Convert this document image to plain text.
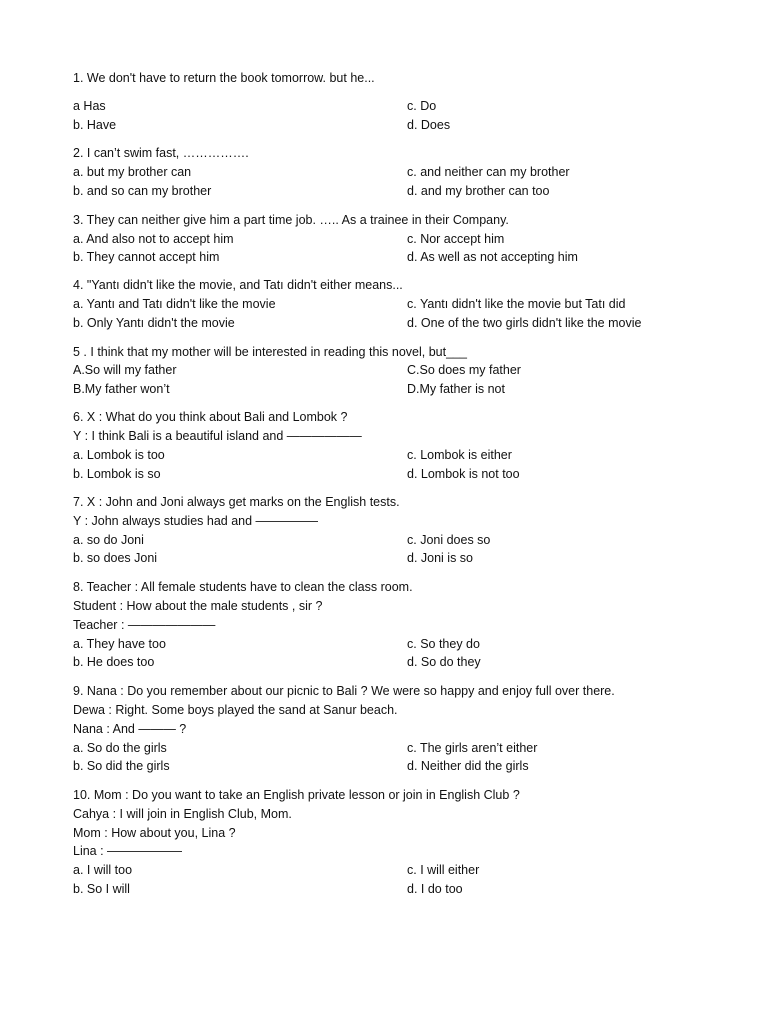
1. We don't have to return the book tomorrow. but he...
a Has	c. Do
b. Have	d. Does
2. I can’t swim fast, …………….
a. but my brother can	c. and neither can my brother
b. and so can my brother	d. and my brother can too
3. They can neither give him a part time job. ….. As a trainee in their Company.
a. And also not to accept him	c. Nor accept him
b. They cannot accept him	d. As well as not accepting him
4. "Yantı didn't like the movie, and Tatı didn't either means...
a. Yantı and Tatı didn't like the movie	c. Yantı didn't like the movie but Tatı did
b. Only Yantı didn't the movie	d. One of the two girls didn't like the movie
5 . I think that my mother will be interested in reading this novel, but___
A.So will my father	C.So does my father
B.My father won’t	D.My father is not
6. X : What do you think about Bali and Lombok ?
Y : I think Bali is a beautiful island and ——————
a. Lombok is too	c. Lombok is either
b. Lombok is so	d. Lombok is not too
7. X : John and Joni always get marks on the English tests.
Y : John always studies had and —————
a. so do Joni	c. Joni does so
b. so does Joni	d. Joni is so
8. Teacher : All female students have to clean the class room.
Student : How about the male students , sir ?
Teacher : ———————
a. They have too	c. So they do
b. He does too	d. So do they
9. Nana : Do you remember about our picnic to Bali ? We were so happy and enjoy full over there.
Dewa : Right. Some boys played the sand at Sanur beach.
Nana : And ——— ?
a. So do the girls	c. The girls aren’t either
b. So did the girls	d. Neither did the girls
10. Mom : Do you want to take an English private lesson or join in English Club ?
Cahya : I will join in English Club, Mom.
Mom : How about you, Lina ?
Lina : ——————
a. I will too	c. I will either
b. So I will	d. I do too
